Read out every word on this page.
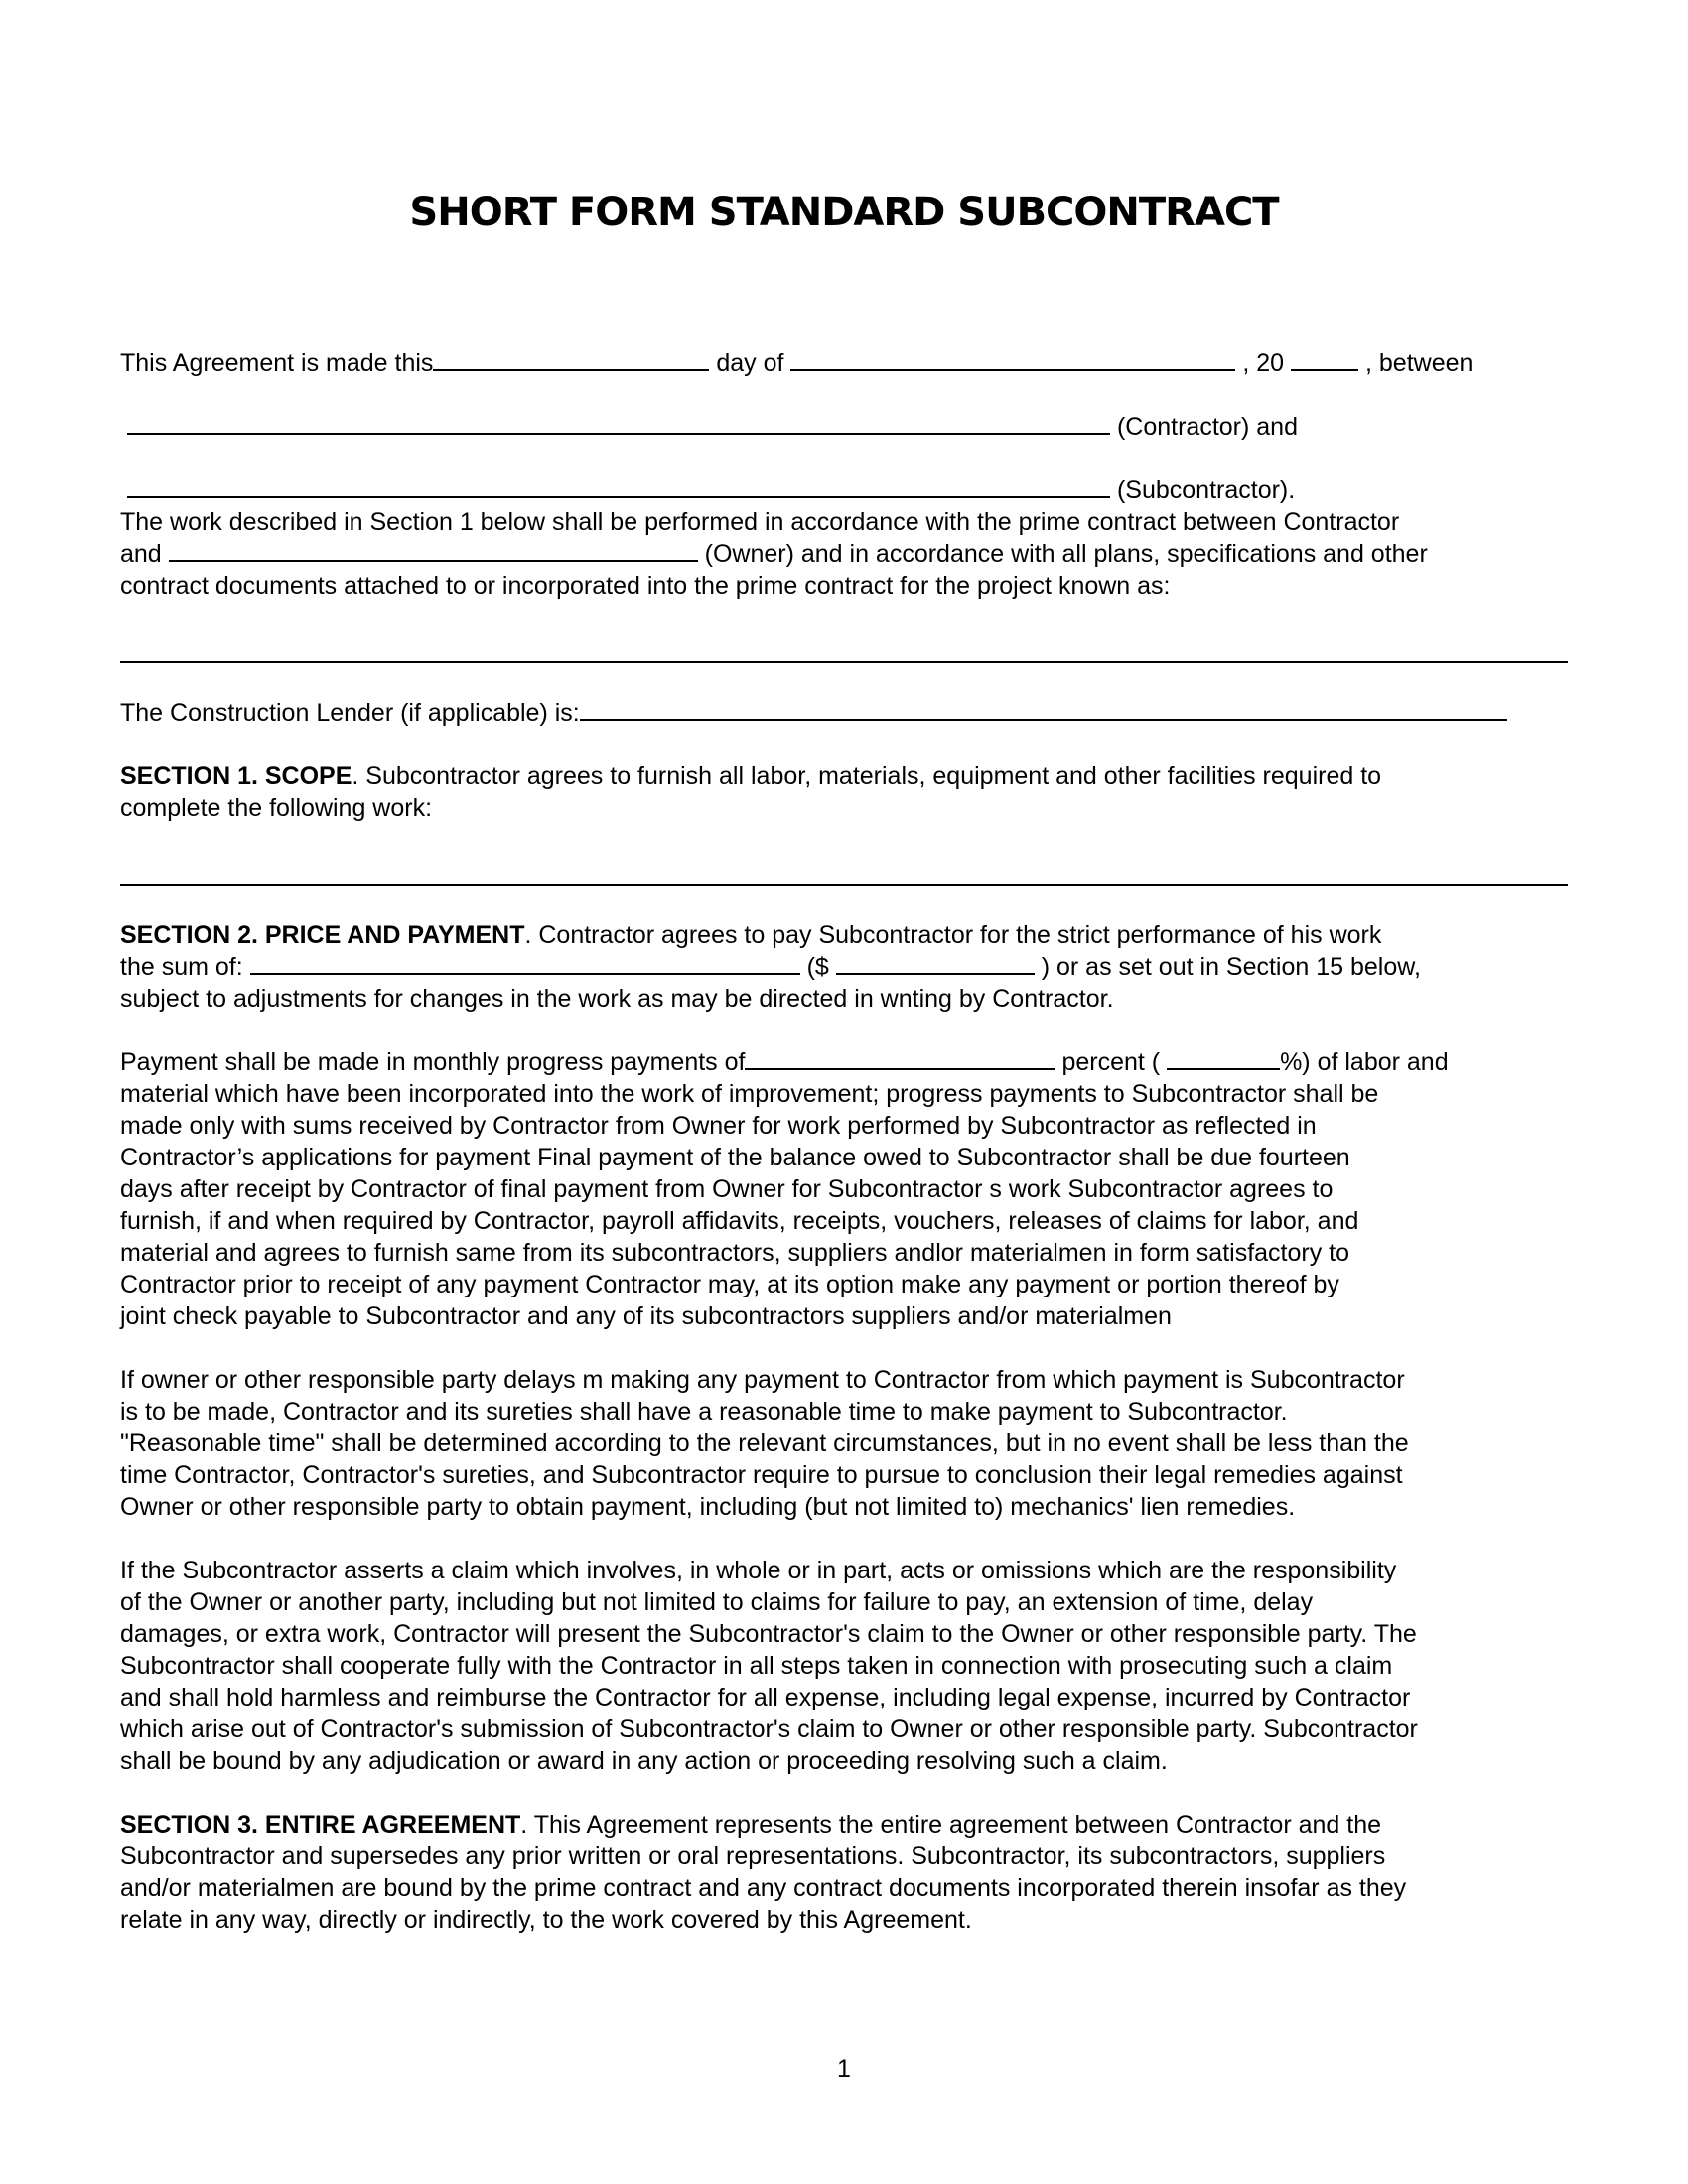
SHORT FORM STANDARD SUBCONTRACT
This Agreement is made this	day of	, 20	, between
(Contractor) and
(Subcontractor).
The work described in Section 1 below shall be performed in accordance with the prime contract between Contractor
and	(Owner) and in accordance with all plans, specifications and other
contract documents attached to or incorporated into the prime contract for the project known as:
The Construction Lender (if applicable) is:
SECTION 1. SCOPE. Subcontractor agrees to furnish all labor, materials, equipment and other facilities required to
complete the following work:
SECTION 2. PRICE AND PAYMENT. Contractor agrees to pay Subcontractor for the strict performance of his work
the sum of:	($	) or as set out in Section 15 below,
subject to adjustments for changes in the work as may be directed in wnting by Contractor.
Payment shall be made in monthly progress payments of	percent (	%) of labor and
material which have been incorporated into the work of improvement; progress payments to Subcontractor shall be
made only with sums received by Contractor from Owner for work performed by Subcontractor as reflected in
Contractor’s applications for payment Final payment of the balance owed to Subcontractor shall be due fourteen
days after receipt by Contractor of final payment from Owner for Subcontractor s work Subcontractor agrees to
furnish, if and when required by Contractor, payroll affidavits, receipts, vouchers, releases of claims for labor, and
material and agrees to furnish same from its subcontractors, suppliers andlor materialmen in form satisfactory to
Contractor prior to receipt of any payment Contractor may, at its option make any payment or portion thereof by
joint check payable to Subcontractor and any of its subcontractors suppliers and/or materialmen
If owner or other responsible party delays m making any payment to Contractor from which payment is Subcontractor
is to be made, Contractor and its sureties shall have a reasonable time to make payment to Subcontractor.
"Reasonable time" shall be determined according to the relevant circumstances, but in no event shall be less than the
time Contractor, Contractor's sureties, and Subcontractor require to pursue to conclusion their legal remedies against
Owner or other responsible party to obtain payment, including (but not limited to) mechanics' lien remedies.
If the Subcontractor asserts a claim which involves, in whole or in part, acts or omissions which are the responsibility
of the Owner or another party, including but not limited to claims for failure to pay, an extension of time, delay
damages, or extra work, Contractor will present the Subcontractor's claim to the Owner or other responsible party. The
Subcontractor shall cooperate fully with the Contractor in all steps taken in connection with prosecuting such a claim
and shall hold harmless and reimburse the Contractor for all expense, including legal expense, incurred by Contractor
which arise out of Contractor's submission of Subcontractor's claim to Owner or other responsible party. Subcontractor
shall be bound by any adjudication or award in any action or proceeding resolving such a claim.
SECTION 3. ENTIRE AGREEMENT. This Agreement represents the entire agreement between Contractor and the
Subcontractor and supersedes any prior written or oral representations. Subcontractor, its subcontractors, suppliers
and/or materialmen are bound by the prime contract and any contract documents incorporated therein insofar as they
relate in any way, directly or indirectly, to the work covered by this Agreement.
1
